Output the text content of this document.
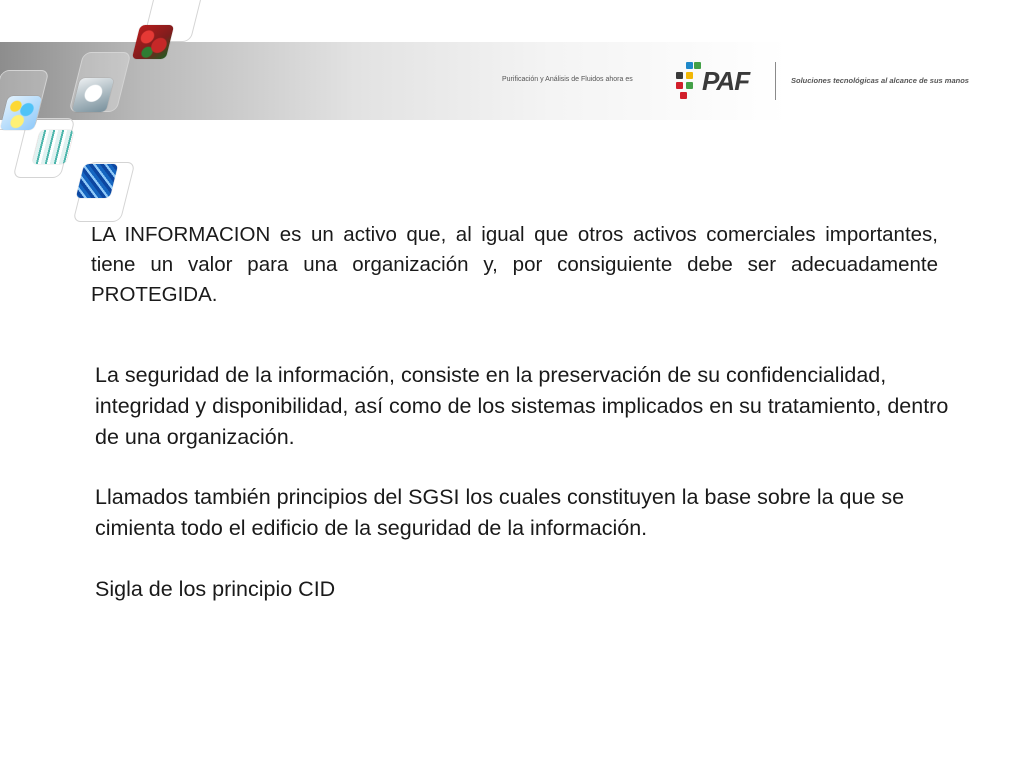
Purificación y Análisis de Fluidos ahora es	PAF	Soluciones tecnológicas al alcance de sus manos

LA INFORMACION es un activo que, al igual que otros activos comerciales importantes, tiene un valor para una organización y, por consiguiente debe ser adecuadamente PROTEGIDA.

La seguridad de la información, consiste en la preservación de su confidencialidad, integridad y disponibilidad, así como de los sistemas implicados en su tratamiento, dentro de una organización.

Llamados también principios del SGSI los cuales constituyen la base sobre la que se cimienta todo el edificio de la seguridad de la información.

Sigla de los principio CID
